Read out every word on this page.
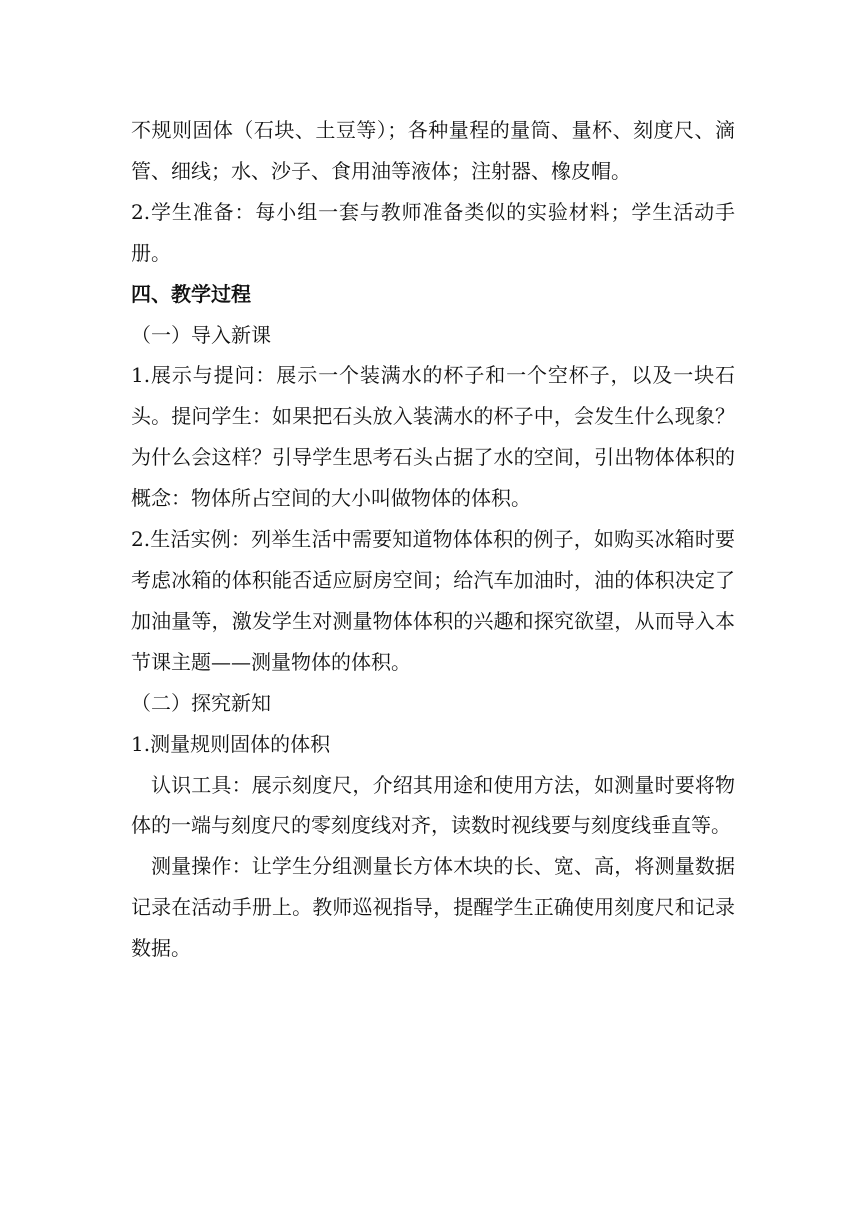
不规则固体（石块、土豆等）；各种量程的量筒、量杯、刻度尺、滴管、细线；水、沙子、食用油等液体；注射器、橡皮帽。

2.学生准备：每小组一套与教师准备类似的实验材料；学生活动手册。

四、教学过程

（一）导入新课

1.展示与提问：展示一个装满水的杯子和一个空杯子，以及一块石头。提问学生：如果把石头放入装满水的杯子中，会发生什么现象？为什么会这样？引导学生思考石头占据了水的空间，引出物体体积的概念：物体所占空间的大小叫做物体的体积。

2.生活实例：列举生活中需要知道物体体积的例子，如购买冰箱时要考虑冰箱的体积能否适应厨房空间；给汽车加油时，油的体积决定了加油量等，激发学生对测量物体体积的兴趣和探究欲望，从而导入本节课主题——测量物体的体积。

（二）探究新知

1.测量规则固体的体积

认识工具：展示刻度尺，介绍其用途和使用方法，如测量时要将物体的一端与刻度尺的零刻度线对齐，读数时视线要与刻度线垂直等。

测量操作：让学生分组测量长方体木块的长、宽、高，将测量数据记录在活动手册上。教师巡视指导，提醒学生正确使用刻度尺和记录数据。
